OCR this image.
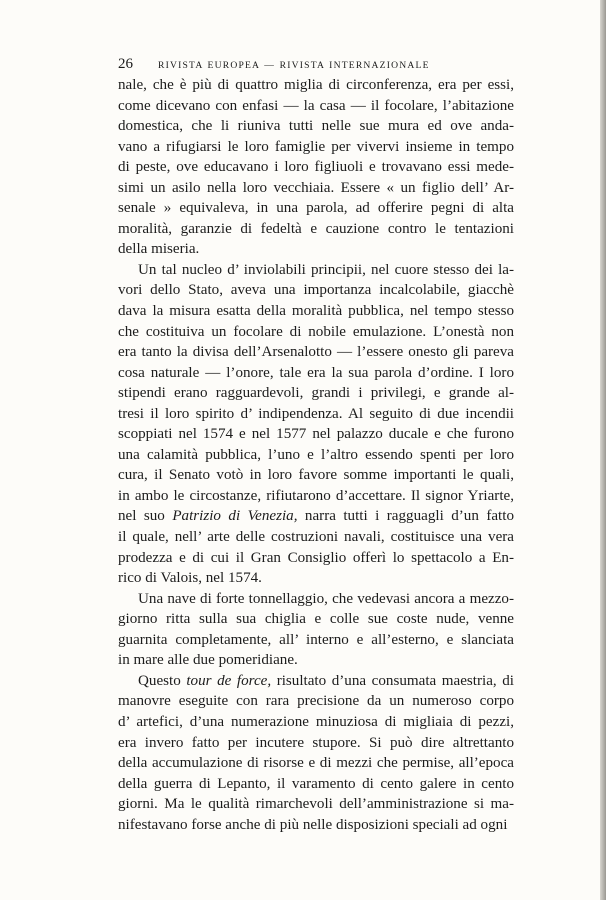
26	RIVISTA EUROPEA — RIVISTA INTERNAZIONALE

nale, che è più di quattro miglia di circonferenza, era per essi,

come dicevano con enfasi — la casa — il focolare, l’abitazione

domestica, che li riuniva tutti nelle sue mura ed ove anda-

vano a rifugiarsi le loro famiglie per vivervi insieme in tempo

di peste, ove educavano i loro figliuoli e trovavano essi mede-

simi un asilo nella loro vecchiaia. Essere « un figlio dell’ Ar-

senale » equivaleva, in una parola, ad offerire pegni di alta

moralità, garanzie di fedeltà e cauzione contro le tentazioni

della miseria.

Un tal nucleo d’ inviolabili principii, nel cuore stesso dei la-

vori dello Stato, aveva una importanza incalcolabile, giacchè

dava la misura esatta della moralità pubblica, nel tempo stesso

che costituiva un focolare di nobile emulazione. L’onestà non

era tanto la divisa dell’Arsenalotto — l’essere onesto gli pareva

cosa naturale — l’onore, tale era la sua parola d’ordine. I loro

stipendi erano ragguardevoli, grandi i privilegi, e grande al-

tresi il loro spirito d’ indipendenza. Al seguito di due incendii

scoppiati nel 1574 e nel 1577 nel palazzo ducale e che furono

una calamità pubblica, l’uno e l’altro essendo spenti per loro

cura, il Senato votò in loro favore somme importanti le quali,

in ambo le circostanze, rifiutarono d’accettare. Il signor Yriarte,

nel suo Patrizio di Venezia, narra tutti i ragguagli d’un fatto

il quale, nell’ arte delle costruzioni navali, costituisce una vera

prodezza e di cui il Gran Consiglio offerì lo spettacolo a En-

rico di Valois, nel 1574.

Una nave di forte tonnellaggio, che vedevasi ancora a mezzo-

giorno ritta sulla sua chiglia e colle sue coste nude, venne

guarnita completamente, all’ interno e all’esterno, e slanciata

in mare alle due pomeridiane.

Questo tour de force, risultato d’una consumata maestria, di

manovre eseguite con rara precisione da un numeroso corpo

d’ artefici, d’una numerazione minuziosa di migliaia di pezzi,

era invero fatto per incutere stupore. Si può dire altrettanto

della accumulazione di risorse e di mezzi che permise, all’epoca

della guerra di Lepanto, il varamento di cento galere in cento

giorni. Ma le qualità rimarchevoli dell’amministrazione si ma-

nifestavano forse anche di più nelle disposizioni speciali ad ogni
